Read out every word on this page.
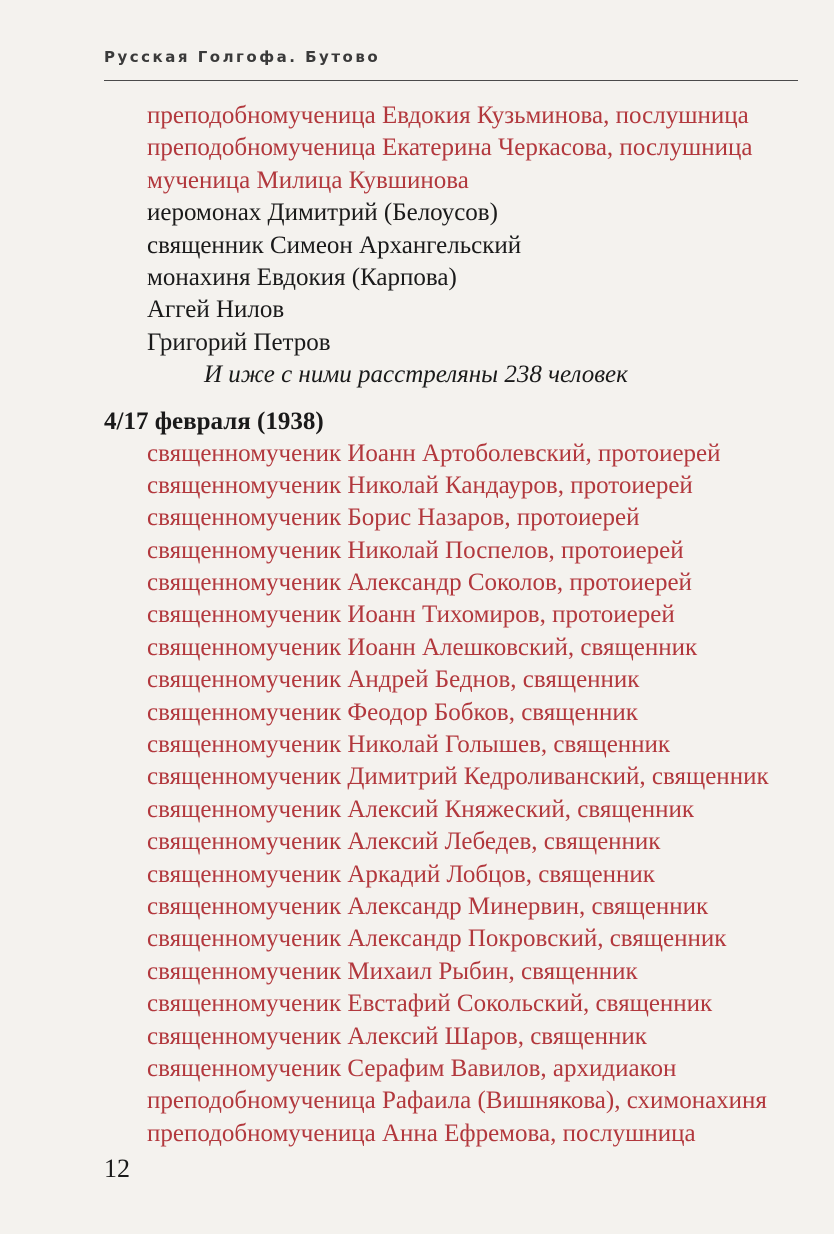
Русская Голгофа. Бутово
преподобномученица Евдокия Кузьминова, послушница
преподобномученица Екатерина Черкасова, послушница
мученица Милица Кувшинова
иеромонах Димитрий (Белоусов)
священник Симеон Архангельский
монахиня Евдокия (Карпова)
Аггей Нилов
Григорий Петров
И иже с ними расстреляны 238 человек
4/17 февраля (1938)
священномученик Иоанн Артоболевский, протоиерей
священномученик Николай Кандауров, протоиерей
священномученик Борис Назаров, протоиерей
священномученик Николай Поспелов, протоиерей
священномученик Александр Соколов, протоиерей
священномученик Иоанн Тихомиров, протоиерей
священномученик Иоанн Алешковский, священник
священномученик Андрей Беднов, священник
священномученик Феодор Бобков, священник
священномученик Николай Голышев, священник
священномученик Димитрий Кедроливанский, священник
священномученик Алексий Княжеский, священник
священномученик Алексий Лебедев, священник
священномученик Аркадий Лобцов, священник
священномученик Александр Минервин, священник
священномученик Александр Покровский, священник
священномученик Михаил Рыбин, священник
священномученик Евстафий Сокольский, священник
священномученик Алексий Шаров, священник
священномученик Серафим Вавилов, архидиакон
преподобномученица Рафаила (Вишнякова), схимонахиня
преподобномученица Анна Ефремова, послушница
12
